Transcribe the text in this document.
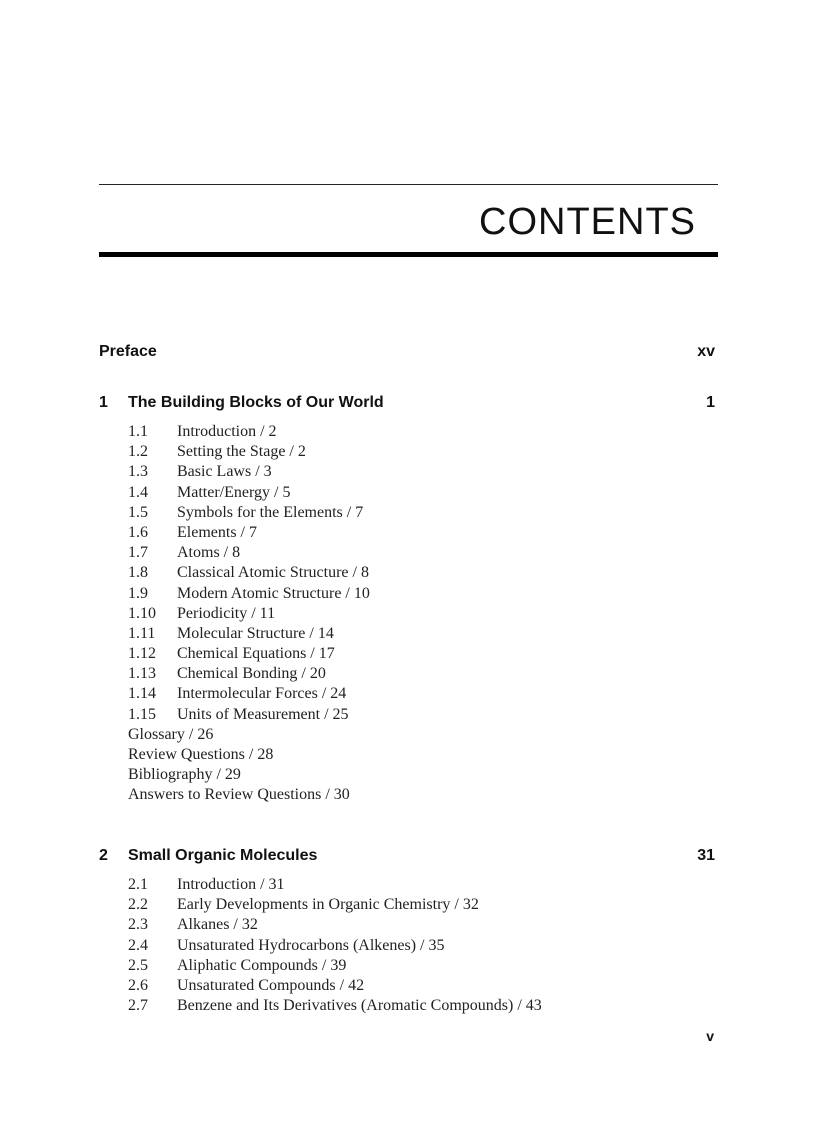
CONTENTS
Preface	xv
1 The Building Blocks of Our World	1
1.1 Introduction / 2
1.2 Setting the Stage / 2
1.3 Basic Laws / 3
1.4 Matter/Energy / 5
1.5 Symbols for the Elements / 7
1.6 Elements / 7
1.7 Atoms / 8
1.8 Classical Atomic Structure / 8
1.9 Modern Atomic Structure / 10
1.10 Periodicity / 11
1.11 Molecular Structure / 14
1.12 Chemical Equations / 17
1.13 Chemical Bonding / 20
1.14 Intermolecular Forces / 24
1.15 Units of Measurement / 25
Glossary / 26
Review Questions / 28
Bibliography / 29
Answers to Review Questions / 30
2 Small Organic Molecules	31
2.1 Introduction / 31
2.2 Early Developments in Organic Chemistry / 32
2.3 Alkanes / 32
2.4 Unsaturated Hydrocarbons (Alkenes) / 35
2.5 Aliphatic Compounds / 39
2.6 Unsaturated Compounds / 42
2.7 Benzene and Its Derivatives (Aromatic Compounds) / 43
v
